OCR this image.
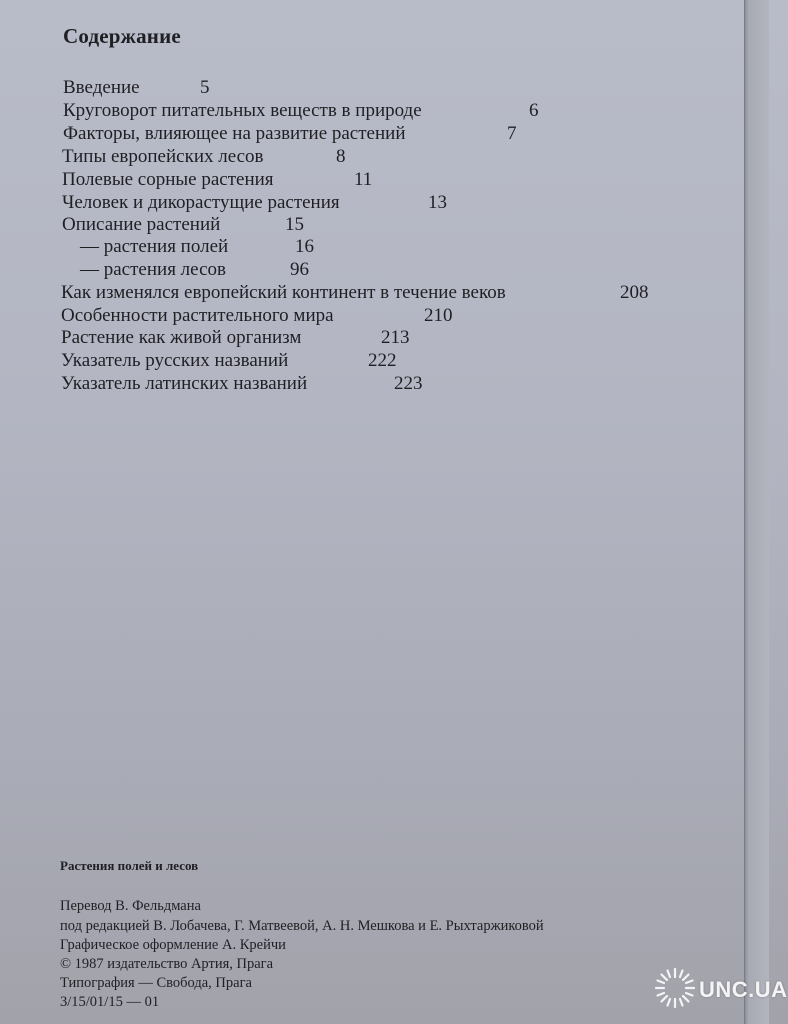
Содержание
Введение	5
Круговорот питательных веществ в природе	6
Факторы, влияющее на развитие растений	7
Типы европейских лесов	8
Полевые сорные растения	11
Человек и дикорастущие растения	13
Описание растений	15
— растения полей	16
— растения лесов	96
Как изменялся европейский континент в течение веков	208
Особенности растительного мира	210
Растение как живой организм	213
Указатель русских названий	222
Указатель латинских названий	223
Растения полей и лесов
Перевод В. Фельдмана
под редакцией В. Лобачева, Г. Матвеевой, А. Н. Мешкова и Е. Рыхтаржиковой
Графическое оформление А. Крейчи
© 1987 издательство Артия, Прага
Типография — Свобода, Прага
3/15/01/15 — 01	UNC.UA
